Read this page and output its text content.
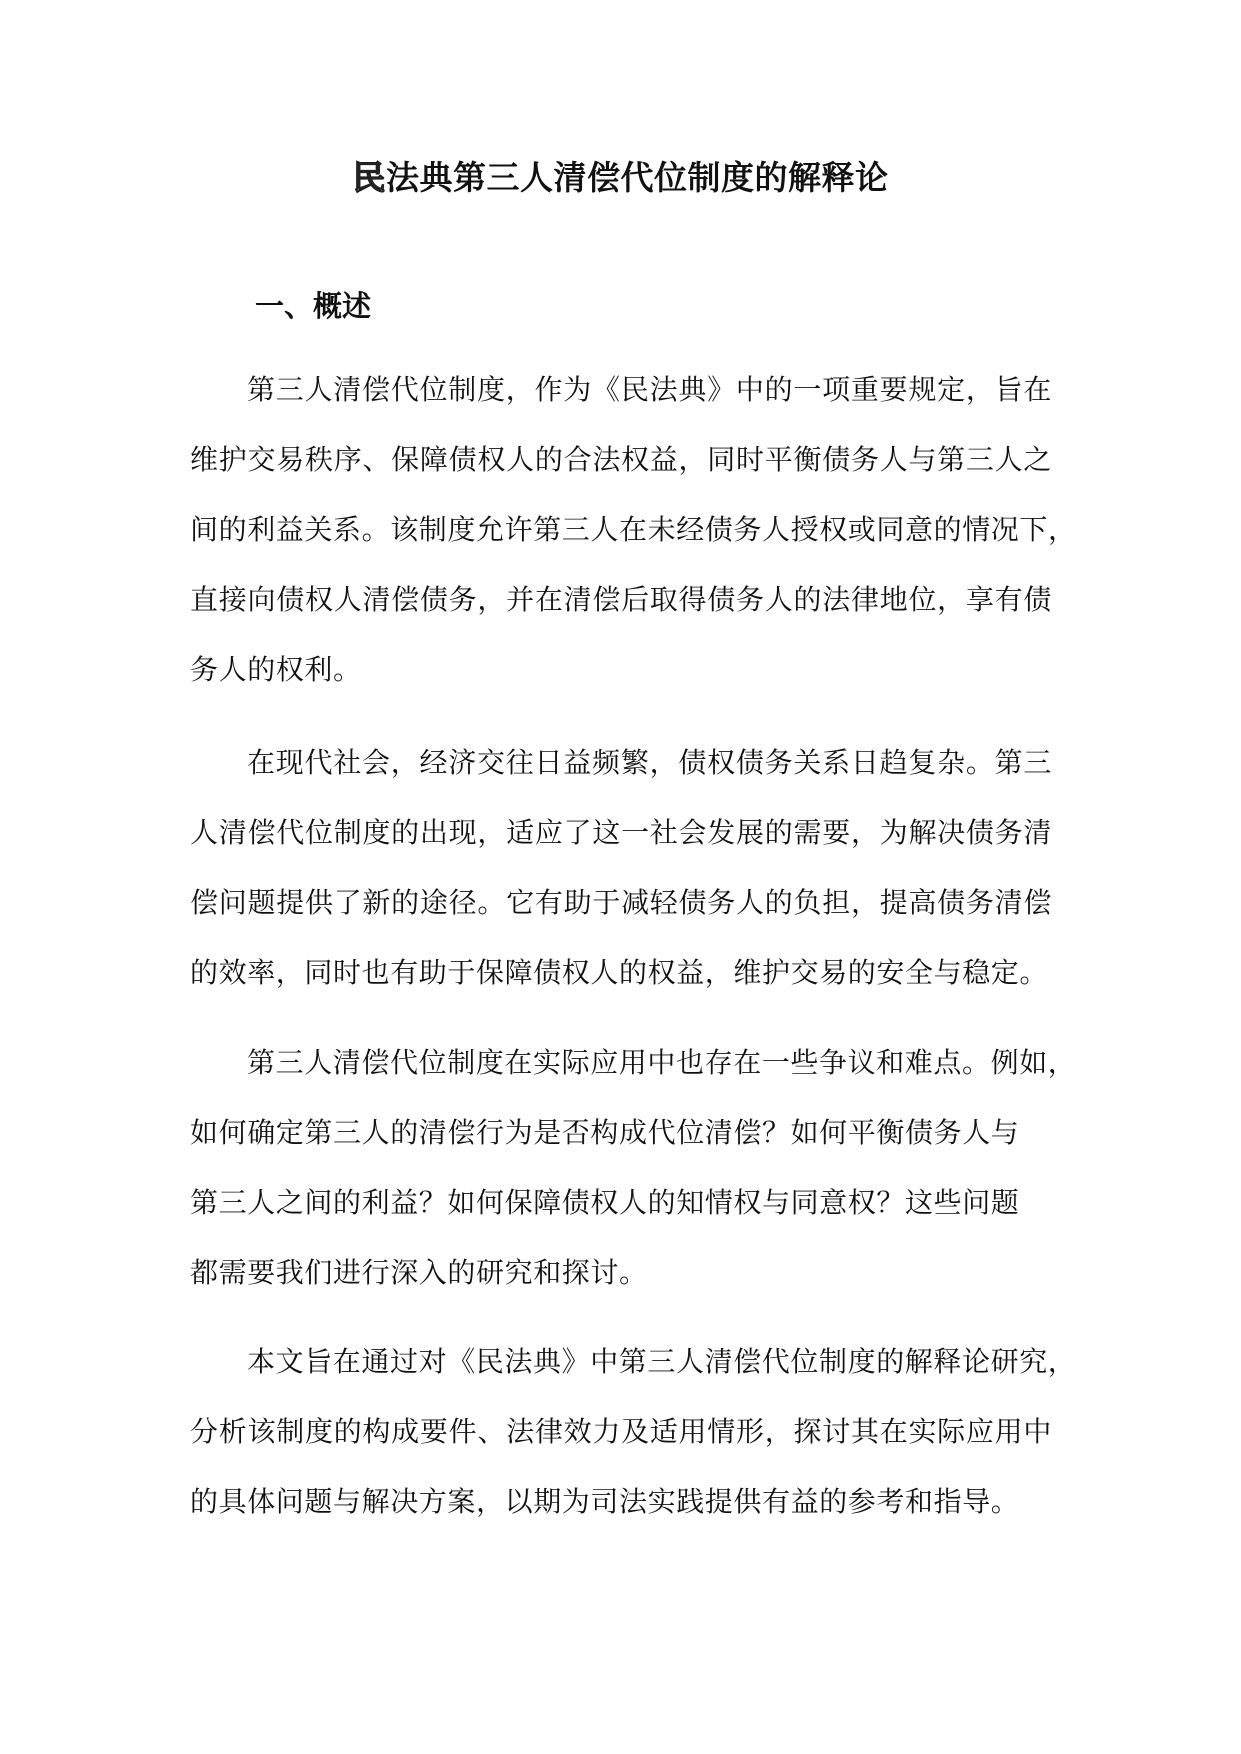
民法典第三人清偿代位制度的解释论
一、概述
第三人清偿代位制度，作为《民法典》中的一项重要规定，旨在
维护交易秩序、保障债权人的合法权益，同时平衡债务人与第三人之
间的利益关系。该制度允许第三人在未经债务人授权或同意的情况下，
直接向债权人清偿债务，并在清偿后取得债务人的法律地位，享有债
务人的权利。
在现代社会，经济交往日益频繁，债权债务关系日趋复杂。第三
人清偿代位制度的出现，适应了这一社会发展的需要，为解决债务清
偿问题提供了新的途径。它有助于减轻债务人的负担，提高债务清偿
的效率，同时也有助于保障债权人的权益，维护交易的安全与稳定。
第三人清偿代位制度在实际应用中也存在一些争议和难点。例如，
如何确定第三人的清偿行为是否构成代位清偿？如何平衡债务人与
第三人之间的利益？如何保障债权人的知情权与同意权？这些问题
都需要我们进行深入的研究和探讨。
本文旨在通过对《民法典》中第三人清偿代位制度的解释论研究，
分析该制度的构成要件、法律效力及适用情形，探讨其在实际应用中
的具体问题与解决方案，以期为司法实践提供有益的参考和指导。
